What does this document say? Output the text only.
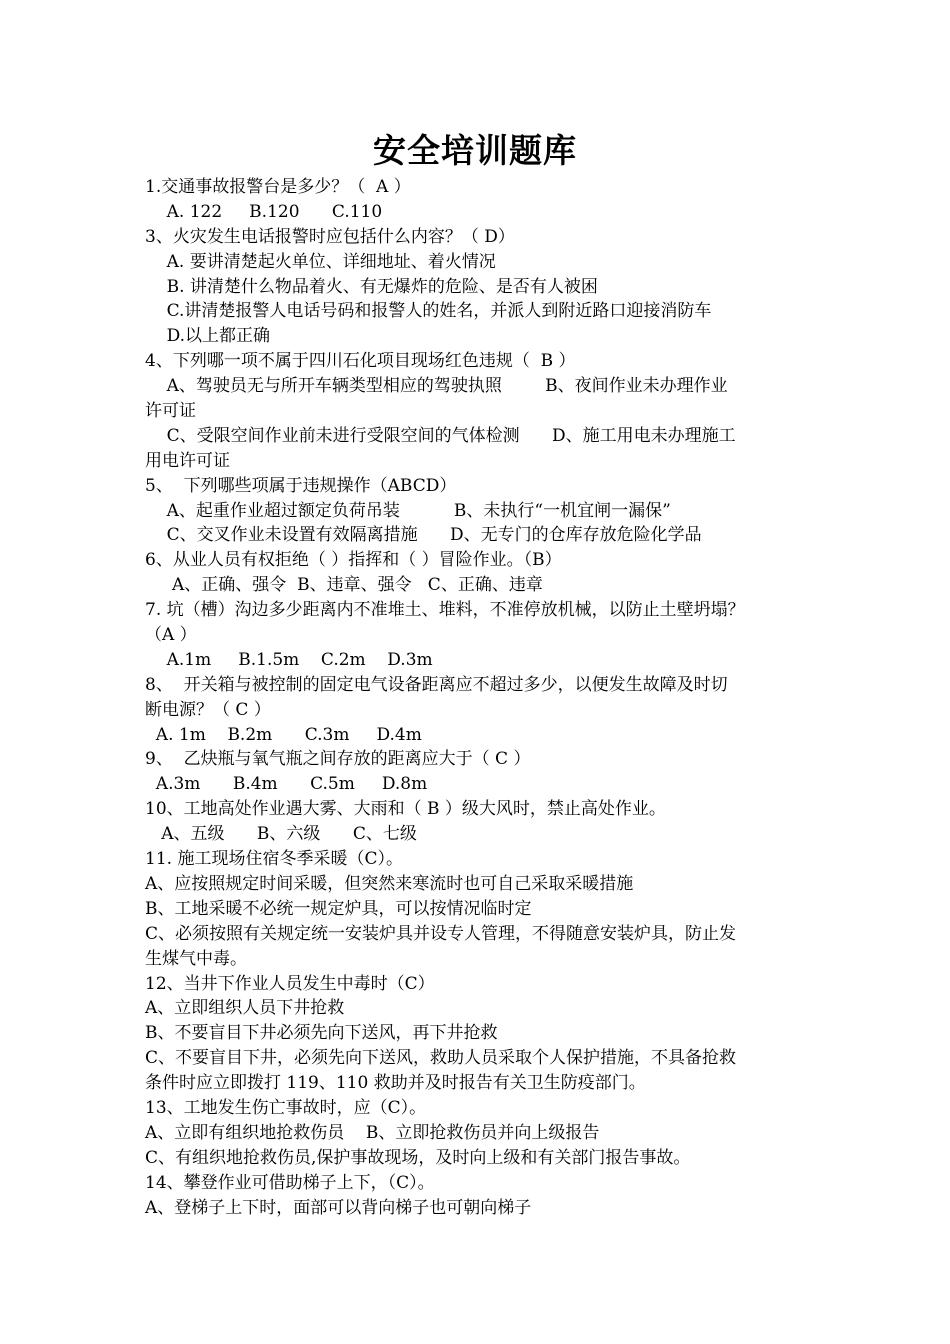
安全培训题库
1.交通事故报警台是多少？（  A ）
A. 122     B.120      C.110
3、火灾发生电话报警时应包括什么内容？（ D）
A. 要讲清楚起火单位、详细地址、着火情况
B. 讲清楚什么物品着火、有无爆炸的危险、是否有人被困
C.讲清楚报警人电话号码和报警人的姓名，并派人到附近路口迎接消防车
D.以上都正确
4、下列哪一项不属于四川石化项目现场红色违规（  B ）
A、驾驶员无与所开车辆类型相应的驾驶执照        B、夜间作业未办理作业
许可证
C、受限空间作业前未进行受限空间的气体检测      D、施工用电未办理施工
用电许可证
5、  下列哪些项属于违规操作（ABCD）
A、起重作业超过额定负荷吊装          B、未执行“一机宜闸一漏保”
C、交叉作业未设置有效隔离措施      D、无专门的仓库存放危险化学品
6、从业人员有权拒绝（ ）指挥和（ ）冒险作业。（B）
A、正确、强令  B、违章、强令   C、正确、违章
7. 坑（槽）沟边多少距离内不准堆土、堆料，不准停放机械，以防止土壁坍塌？
（A ）
A.1m     B.1.5m    C.2m    D.3m
8、  开关箱与被控制的固定电气设备距离应不超过多少，以便发生故障及时切
断电源？（ C ）
A. 1m    B.2m      C.3m     D.4m
9、  乙炔瓶与氧气瓶之间存放的距离应大于（ C ）
A.3m      B.4m      C.5m     D.8m
10、工地高处作业遇大雾、大雨和（ B ）级大风时，禁止高处作业。
A、五级      B、六级      C、七级
11. 施工现场住宿冬季采暖（C）。
A、应按照规定时间采暖，但突然来寒流时也可自己采取采暖措施
B、工地采暖不必统一规定炉具，可以按情况临时定
C、必须按照有关规定统一安装炉具并设专人管理，不得随意安装炉具，防止发
生煤气中毒。
12、当井下作业人员发生中毒时（C）
A、立即组织人员下井抢救
B、不要盲目下井必须先向下送风，再下井抢救
C、不要盲目下井，必须先向下送风，救助人员采取个人保护措施，不具备抢救
条件时应立即拨打 119、110 救助并及时报告有关卫生防疫部门。
13、工地发生伤亡事故时，应（C）。
A、立即有组织地抢救伤员    B、立即抢救伤员并向上级报告
C、有组织地抢救伤员,保护事故现场，及时向上级和有关部门报告事故。
14、攀登作业可借助梯子上下，（C）。
A、登梯子上下时，面部可以背向梯子也可朝向梯子
